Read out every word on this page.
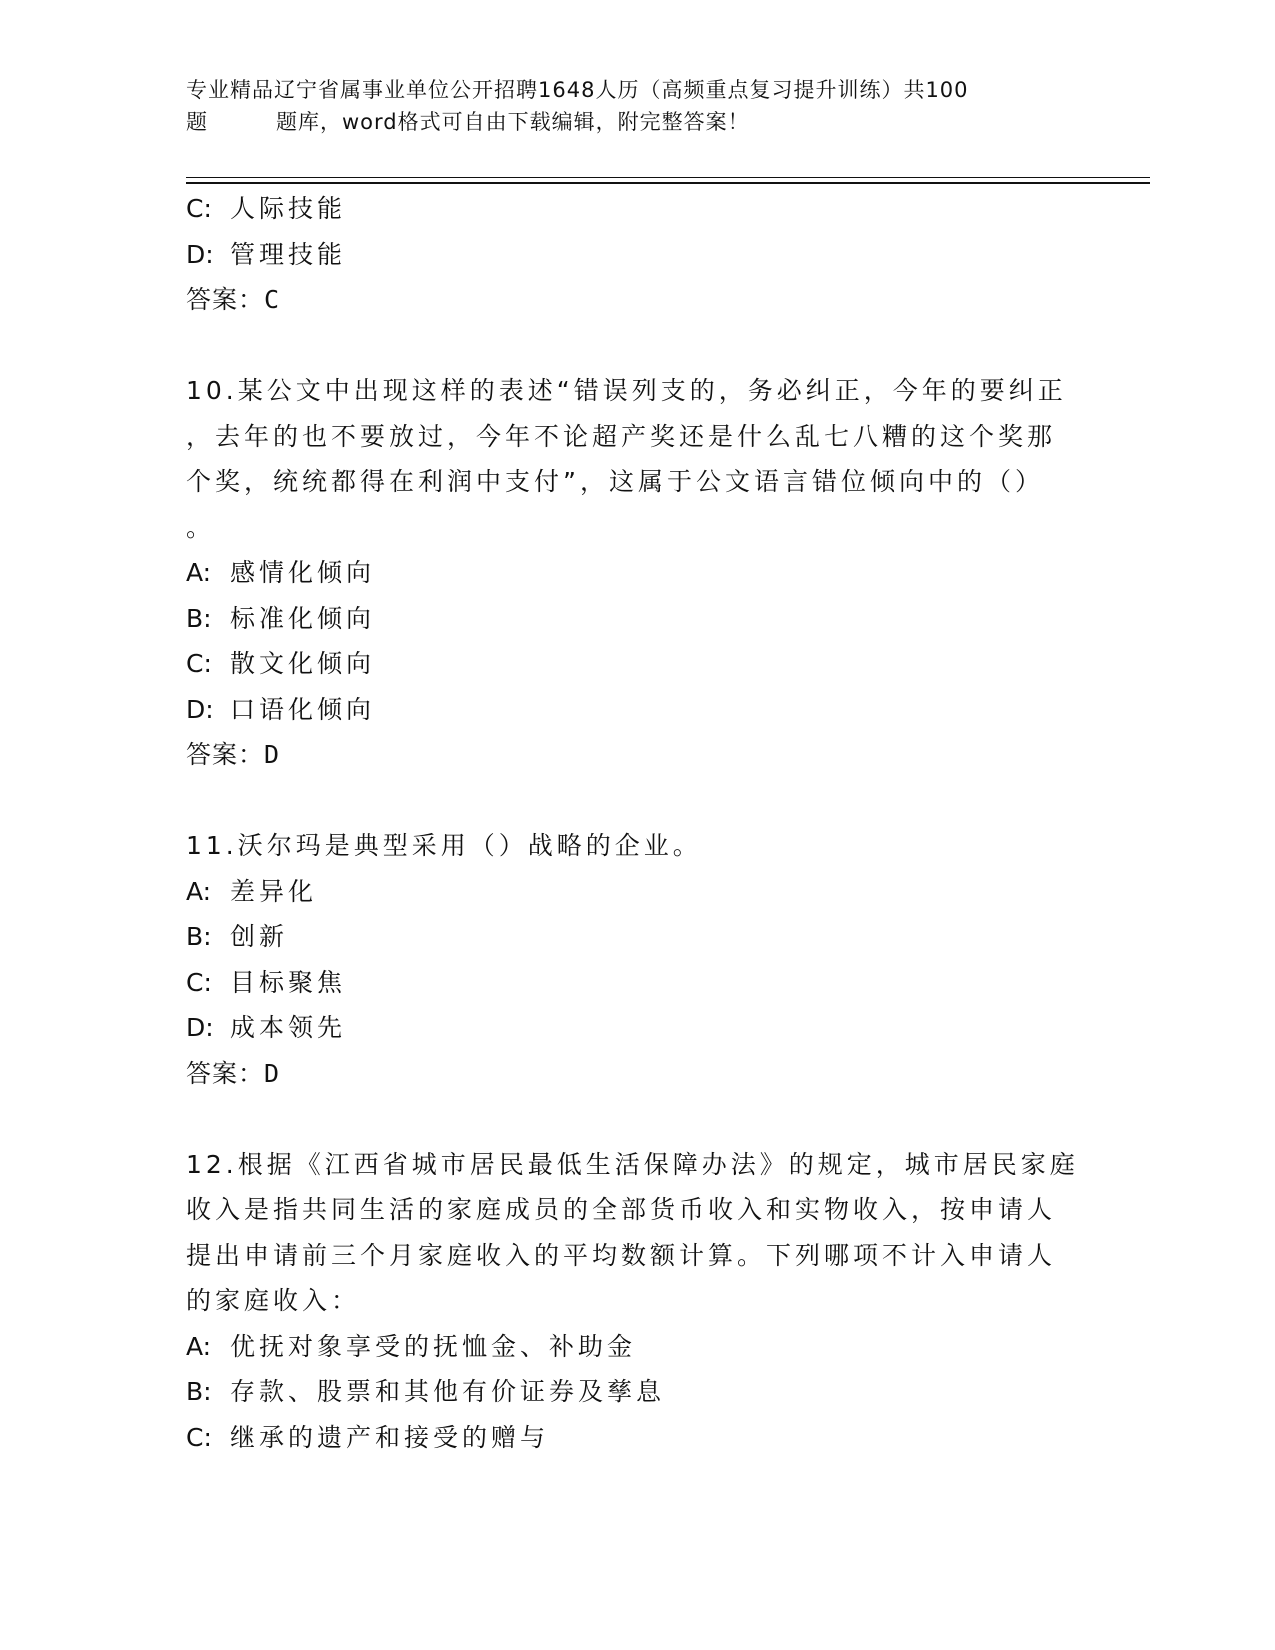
专业精品辽宁省属事业单位公开招聘1648人历（高频重点复习提升训练）共100
题	题库，word格式可自由下载编辑，附完整答案！
C: 人际技能
D: 管理技能
答案：C
10.某公文中出现这样的表述“错误列支的，务必纠正，今年的要纠正
，去年的也不要放过，今年不论超产奖还是什么乱七八糟的这个奖那
个奖，统统都得在利润中支付”，这属于公文语言错位倾向中的（）
。
A: 感情化倾向
B: 标准化倾向
C: 散文化倾向
D: 口语化倾向
答案：D
11.沃尔玛是典型采用（）战略的企业。
A: 差异化
B: 创新
C: 目标聚焦
D: 成本领先
答案：D
12.根据《江西省城市居民最低生活保障办法》的规定，城市居民家庭
收入是指共同生活的家庭成员的全部货币收入和实物收入，按申请人
提出申请前三个月家庭收入的平均数额计算。下列哪项不计入申请人
的家庭收入：
A: 优抚对象享受的抚恤金、补助金
B: 存款、股票和其他有价证券及孳息
C: 继承的遗产和接受的赠与
